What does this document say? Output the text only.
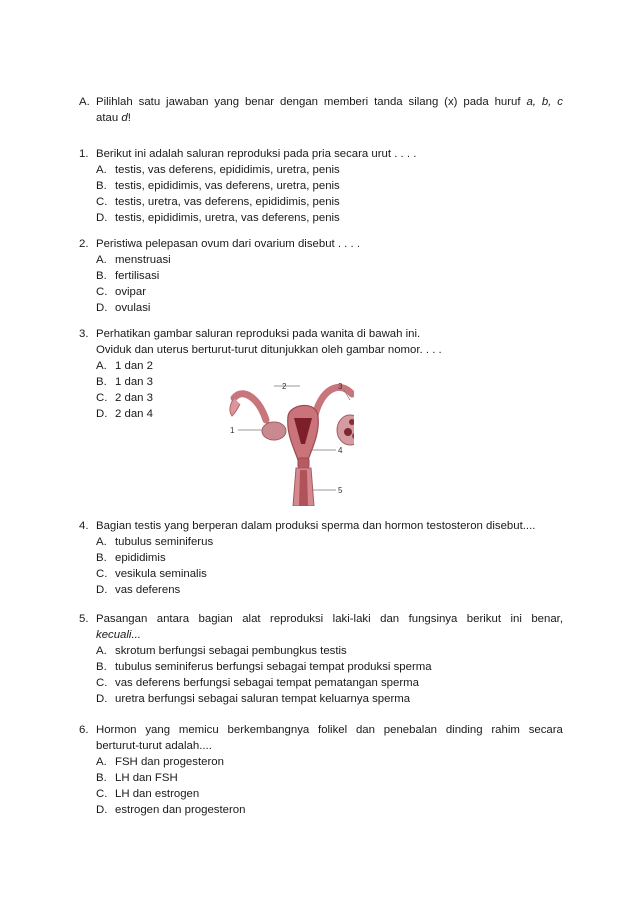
A. Pilihlah satu jawaban yang benar dengan memberi tanda silang (x) pada huruf a, b, c
atau d!
1. Berikut ini adalah saluran reproduksi pada pria secara urut . . . .
A. testis, vas deferens, epididimis, uretra, penis
B. testis, epididimis, vas deferens, uretra, penis
C. testis, uretra, vas deferens, epididimis, penis
D. testis, epididimis, uretra, vas deferens, penis
2. Peristiwa pelepasan ovum dari ovarium disebut . . . .
A. menstruasi
B. fertilisasi
C. ovipar
D. ovulasi
3. Perhatikan gambar saluran reproduksi pada wanita di bawah ini.
Oviduk dan uterus berturut-turut ditunjukkan oleh gambar nomor. . . .
A. 1 dan 2
B. 1 dan 3
C. 2 dan 3
D. 2 dan 4
1
2	3
4
5
4. Bagian testis yang berperan dalam produksi sperma dan hormon testosteron disebut....
A. tubulus seminiferus
B. epididimis
C. vesikula seminalis
D. vas deferens
5. Pasangan antara bagian alat reproduksi laki-laki dan fungsinya berikut ini benar,
kecuali...
A. skrotum berfungsi sebagai pembungkus testis
B. tubulus seminiferus berfungsi sebagai tempat produksi sperma
C. vas deferens berfungsi sebagai tempat pematangan sperma
D. uretra berfungsi sebagai saluran tempat keluarnya sperma
6. Hormon yang memicu berkembangnya folikel dan penebalan dinding rahim secara
berturut-turut adalah....
A. FSH dan progesteron
B. LH dan FSH
C. LH dan estrogen
D. estrogen dan progesteron
